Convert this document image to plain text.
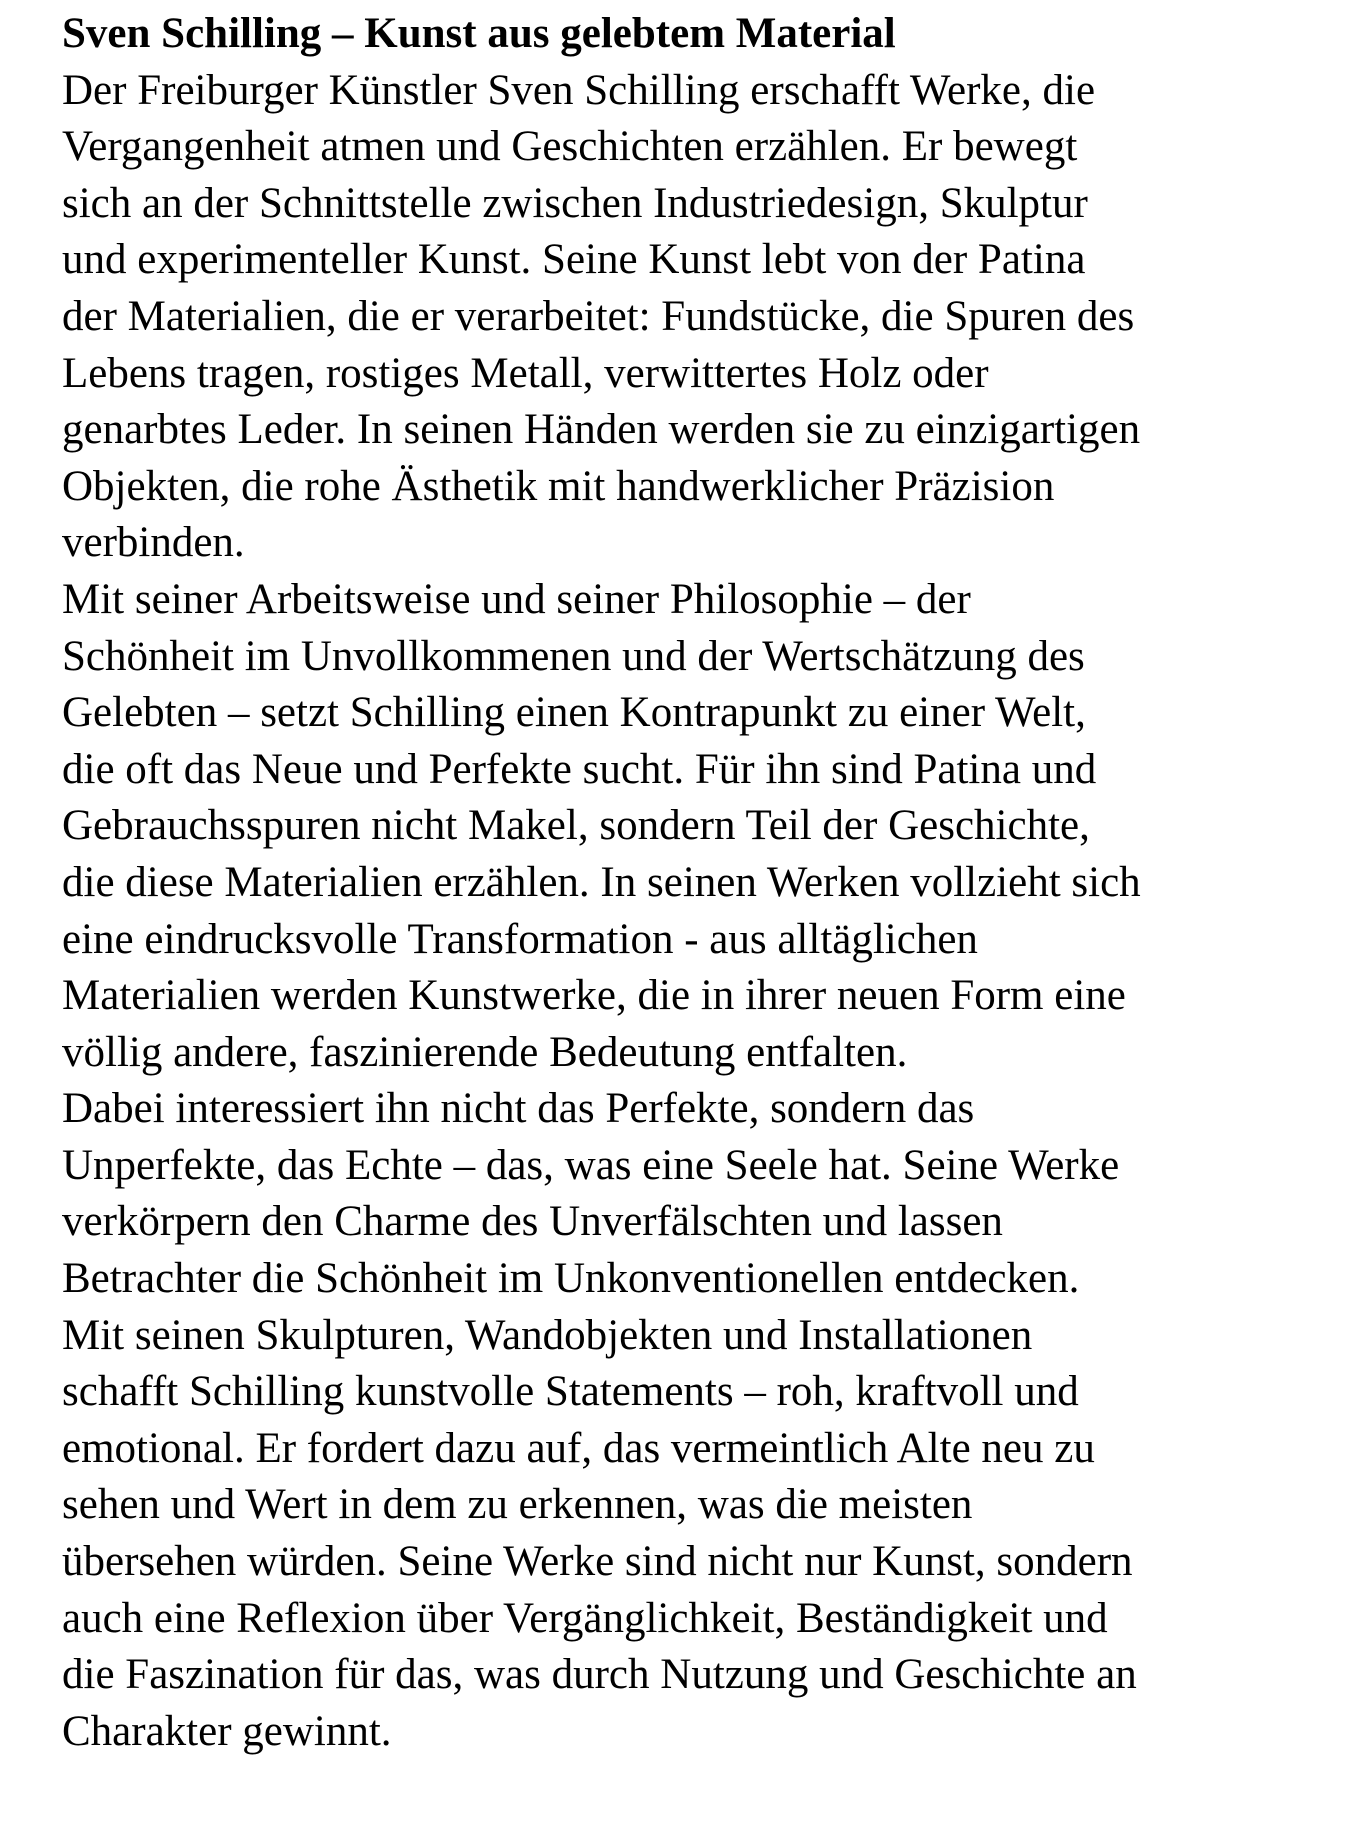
Sven Schilling – Kunst aus gelebtem Material

Der Freiburger Künstler Sven Schilling erschafft Werke, die
Vergangenheit atmen und Geschichten erzählen. Er bewegt
sich an der Schnittstelle zwischen Industriedesign, Skulptur
und experimenteller Kunst. Seine Kunst lebt von der Patina
der Materialien, die er verarbeitet: Fundstücke, die Spuren des
Lebens tragen, rostiges Metall, verwittertes Holz oder
genarbtes Leder. In seinen Händen werden sie zu einzigartigen
Objekten, die rohe Ästhetik mit handwerklicher Präzision
verbinden.

Mit seiner Arbeitsweise und seiner Philosophie – der
Schönheit im Unvollkommenen und der Wertschätzung des
Gelebten – setzt Schilling einen Kontrapunkt zu einer Welt,
die oft das Neue und Perfekte sucht. Für ihn sind Patina und
Gebrauchsspuren nicht Makel, sondern Teil der Geschichte,
die diese Materialien erzählen. In seinen Werken vollzieht sich
eine eindrucksvolle Transformation - aus alltäglichen
Materialien werden Kunstwerke, die in ihrer neuen Form eine
völlig andere, faszinierende Bedeutung entfalten.

Dabei interessiert ihn nicht das Perfekte, sondern das
Unperfekte, das Echte – das, was eine Seele hat. Seine Werke
verkörpern den Charme des Unverfälschten und lassen
Betrachter die Schönheit im Unkonventionellen entdecken.

Mit seinen Skulpturen, Wandobjekten und Installationen
schafft Schilling kunstvolle Statements – roh, kraftvoll und
emotional. Er fordert dazu auf, das vermeintlich Alte neu zu
sehen und Wert in dem zu erkennen, was die meisten
übersehen würden. Seine Werke sind nicht nur Kunst, sondern
auch eine Reflexion über Vergänglichkeit, Beständigkeit und
die Faszination für das, was durch Nutzung und Geschichte an
Charakter gewinnt.
